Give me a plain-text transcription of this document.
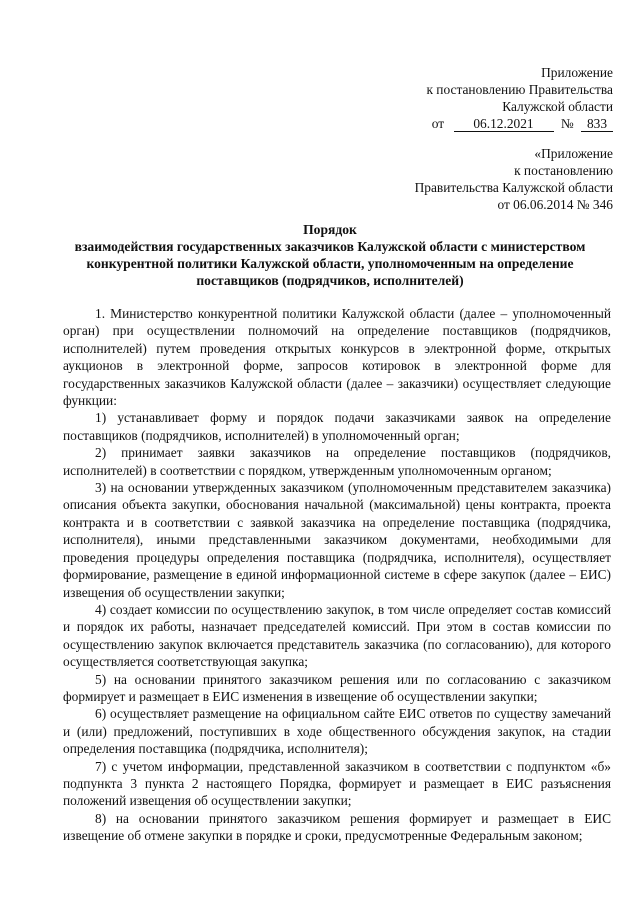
Приложение
к постановлению Правительства
Калужской области
от 06.12.2021 № 833
«Приложение
к постановлению
Правительства Калужской области
от 06.06.2014 № 346
Порядок
взаимодействия государственных заказчиков Калужской области с министерством
конкурентной политики Калужской области, уполномоченным на определение
поставщиков (подрядчиков, исполнителей)

1. Министерство конкурентной политики Калужской области (далее – уполномоченный орган) при осуществлении полномочий на определение поставщиков (подрядчиков, исполнителей) путем проведения открытых конкурсов в электронной форме, открытых аукционов в электронной форме, запросов котировок в электронной форме для государственных заказчиков Калужской области (далее – заказчики) осуществляет следующие функции:

1) устанавливает форму и порядок подачи заказчиками заявок на определение поставщиков (подрядчиков, исполнителей) в уполномоченный орган;

2) принимает заявки заказчиков на определение поставщиков (подрядчиков, исполнителей) в соответствии с порядком, утвержденным уполномоченным органом;

3) на основании утвержденных заказчиком (уполномоченным представителем заказчика) описания объекта закупки, обоснования начальной (максимальной) цены контракта, проекта контракта и в соответствии с заявкой заказчика на определение поставщика (подрядчика, исполнителя), иными представленными заказчиком документами, необходимыми для проведения процедуры определения поставщика (подрядчика, исполнителя), осуществляет формирование, размещение в единой информационной системе в сфере закупок (далее – ЕИС) извещения об осуществлении закупки;

4) создает комиссии по осуществлению закупок, в том числе определяет состав комиссий и порядок их работы, назначает председателей комиссий. При этом в состав комиссии по осуществлению закупок включается представитель заказчика (по согласованию), для которого осуществляется соответствующая закупка;

5) на основании принятого заказчиком решения или по согласованию с заказчиком формирует и размещает в ЕИС изменения в извещение об осуществлении закупки;

6) осуществляет размещение на официальном сайте ЕИС ответов по существу замечаний и (или) предложений, поступивших в ходе общественного обсуждения закупок, на стадии определения поставщика (подрядчика, исполнителя);

7) с учетом информации, представленной заказчиком в соответствии с подпунктом «б» подпункта 3 пункта 2 настоящего Порядка, формирует и размещает в ЕИС разъяснения положений извещения об осуществлении закупки;

8) на основании принятого заказчиком решения формирует и размещает в ЕИС извещение об отмене закупки в порядке и сроки, предусмотренные Федеральным законом;
